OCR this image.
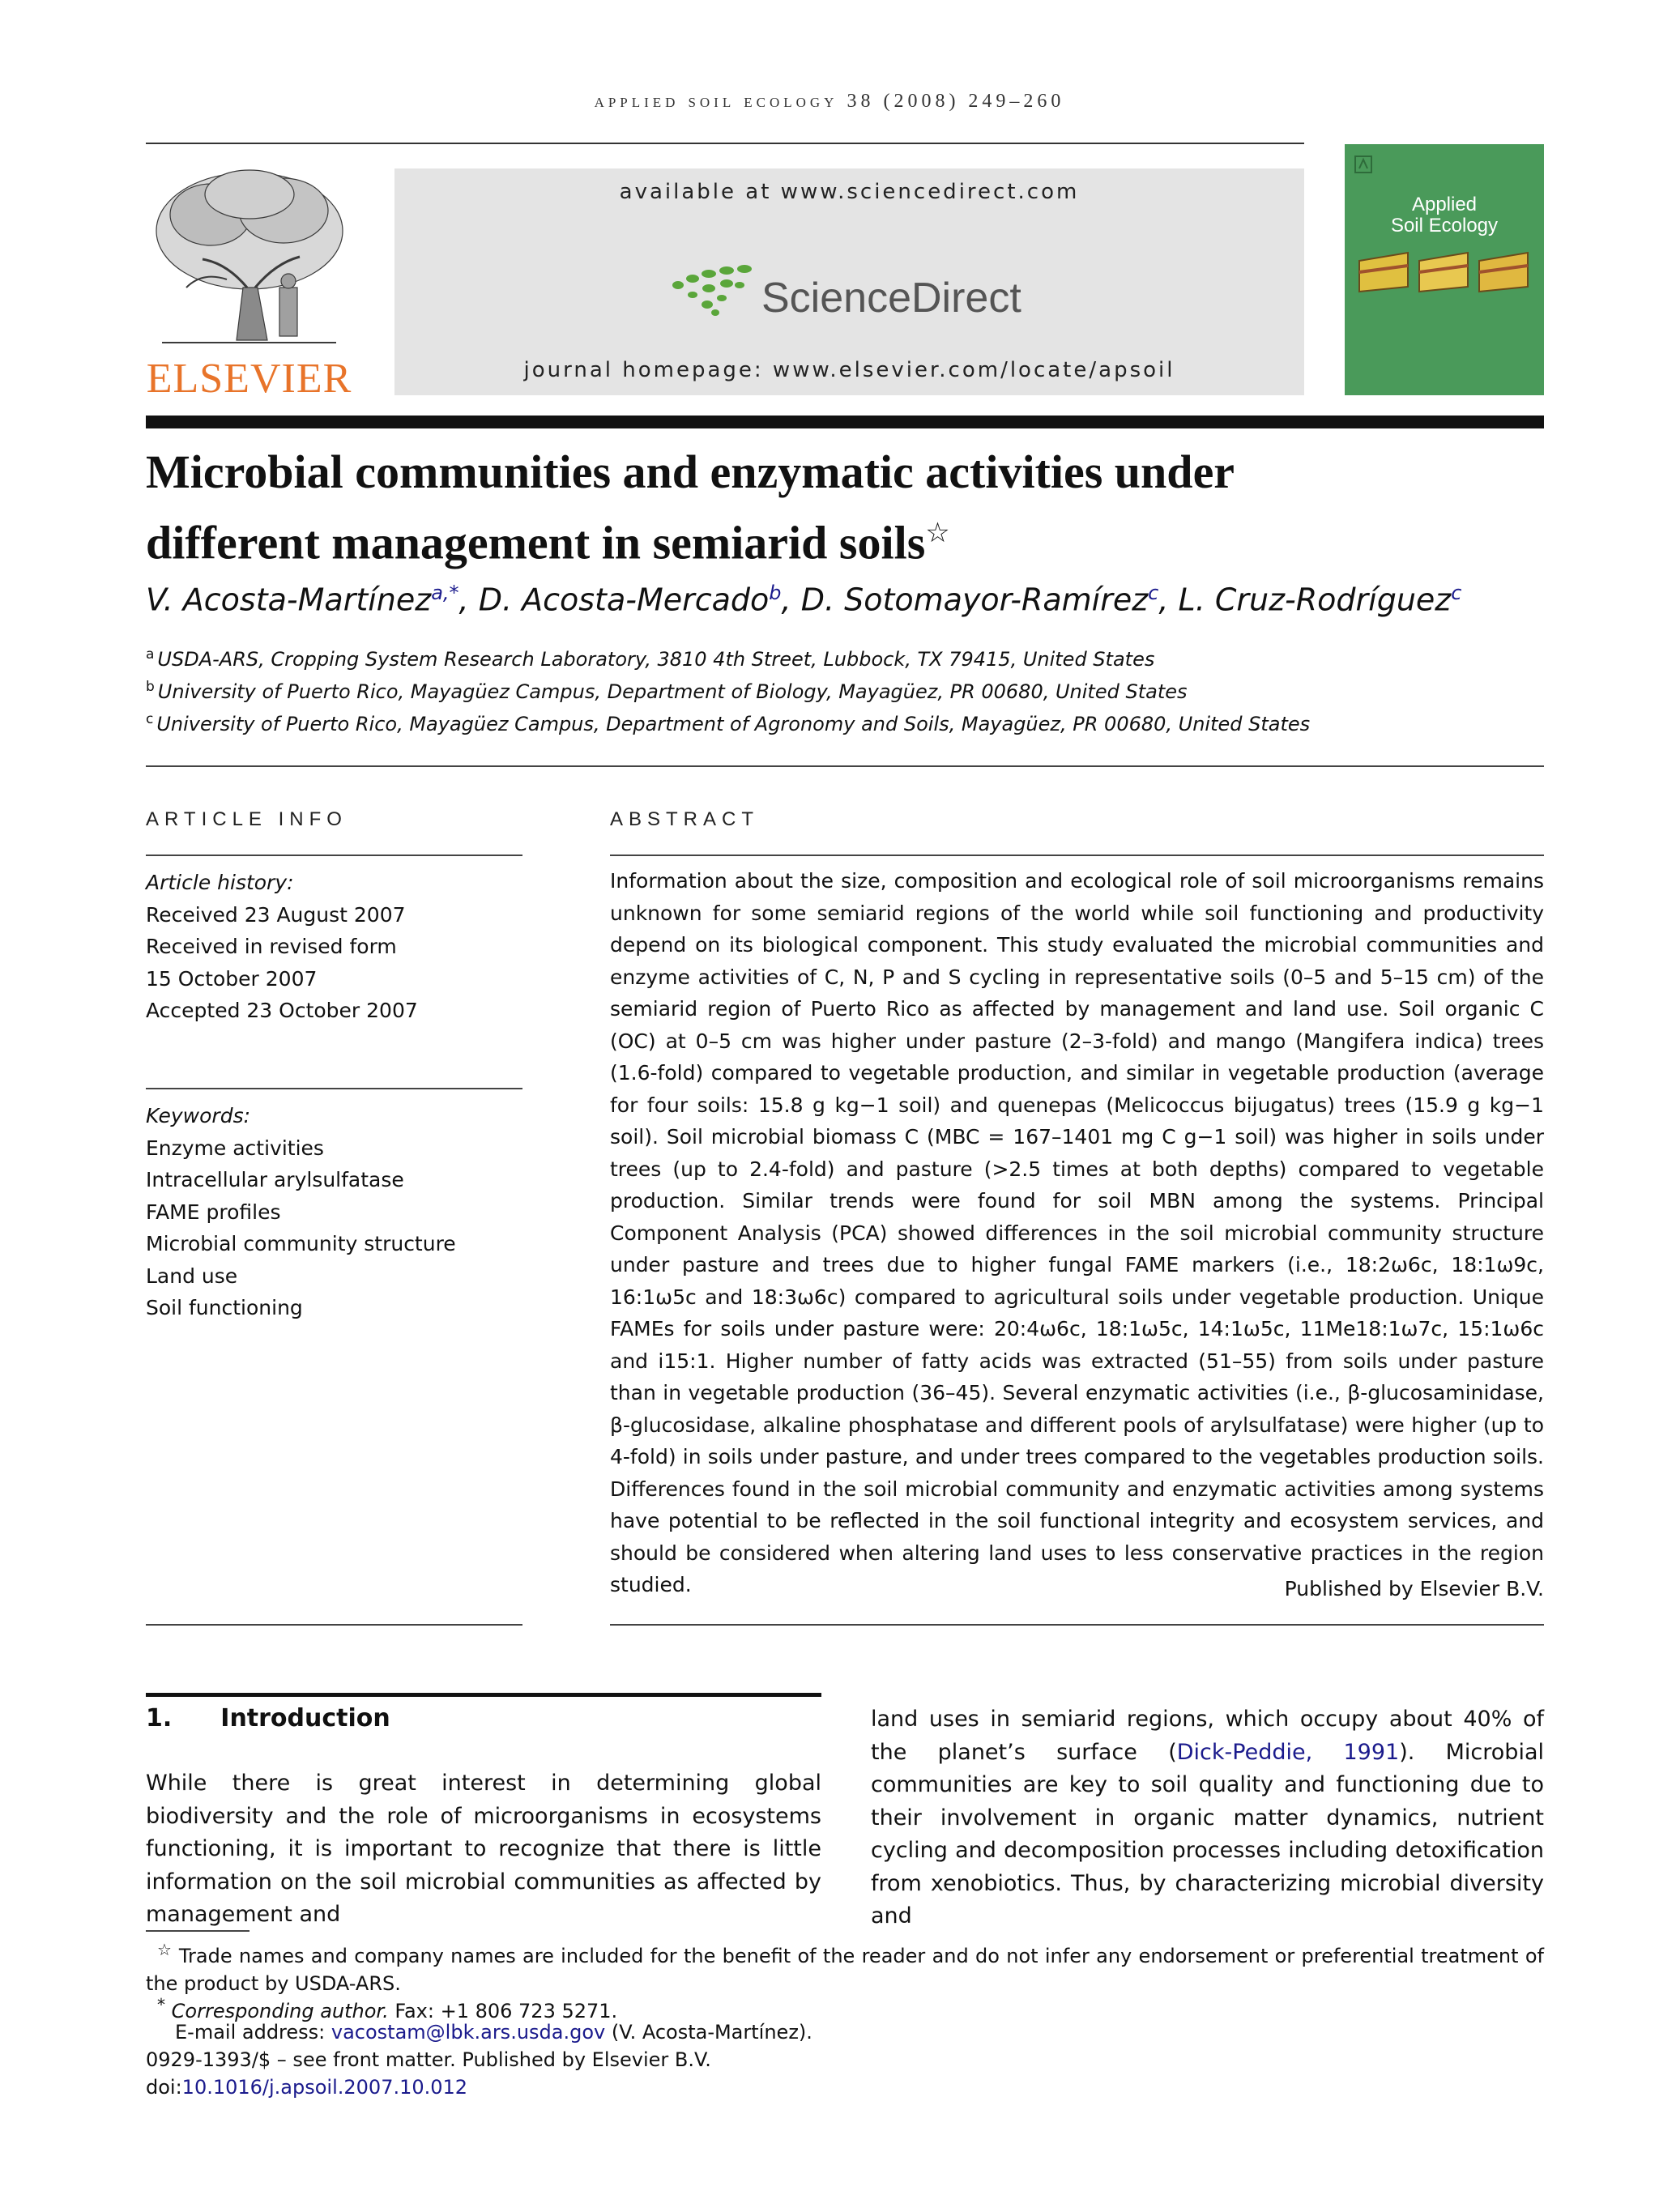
applied soil ecology 38 (2008) 249–260
ELSEVIER
available at www.sciencedirect.com
ScienceDirect
journal homepage: www.elsevier.com/locate/apsoil
Applied
Soil Ecology
Microbial communities and enzymatic activities under
different management in semiarid soils☆
V. Acosta-Martínez$^{a,*}$, D. Acosta-Mercado$^b$, D. Sotomayor-Ramírez$^c$, L. Cruz-Rodríguez$^c$
$^a$ USDA-ARS, Cropping System Research Laboratory, 3810 4th Street, Lubbock, TX 79415, United States
$^b$ University of Puerto Rico, Mayagüez Campus, Department of Biology, Mayagüez, PR 00680, United States
$^c$ University of Puerto Rico, Mayagüez Campus, Department of Agronomy and Soils, Mayagüez, PR 00680, United States
ARTICLE INFO
Article history:
Received 23 August 2007
Received in revised form
15 October 2007
Accepted 23 October 2007
Keywords:
Enzyme activities
Intracellular arylsulfatase
FAME profiles
Microbial community structure
Land use
Soil functioning
ABSTRACT
Information about the size, composition and ecological role of soil microorganisms remains unknown for some semiarid regions of the world while soil functioning and productivity depend on its biological component. This study evaluated the microbial communities and enzyme activities of C, N, P and S cycling in representative soils (0–5 and 5–15 cm) of the semiarid region of Puerto Rico as affected by management and land use. Soil organic C (OC) at 0–5 cm was higher under pasture (2–3-fold) and mango (Mangifera indica) trees (1.6-fold) compared to vegetable production, and similar in vegetable production (average for four soils: 15.8 g kg−1 soil) and quenepas (Melicoccus bijugatus) trees (15.9 g kg−1 soil). Soil microbial biomass C (MBC = 167–1401 mg C g−1 soil) was higher in soils under trees (up to 2.4-fold) and pasture (>2.5 times at both depths) compared to vegetable production. Similar trends were found for soil MBN among the systems. Principal Component Analysis (PCA) showed differences in the soil microbial community structure under pasture and trees due to higher fungal FAME markers (i.e., 18:2ω6c, 18:1ω9c, 16:1ω5c and 18:3ω6c) compared to agricultural soils under vegetable production. Unique FAMEs for soils under pasture were: 20:4ω6c, 18:1ω5c, 14:1ω5c, 11Me18:1ω7c, 15:1ω6c and i15:1. Higher number of fatty acids was extracted (51–55) from soils under pasture than in vegetable production (36–45). Several enzymatic activities (i.e., β-glucosaminidase, β-glucosidase, alkaline phosphatase and different pools of arylsulfatase) were higher (up to 4-fold) in soils under pasture, and under trees compared to the vegetables production soils. Differences found in the soil microbial community and enzymatic activities among systems have potential to be reflected in the soil functional integrity and ecosystem services, and should be considered when altering land uses to less conservative practices in the region studied.	Published by Elsevier B.V.
1. Introduction
While there is great interest in determining global biodiversity and the role of microorganisms in ecosystems functioning, it is important to recognize that there is little information on the soil microbial communities as affected by management and
land uses in semiarid regions, which occupy about 40% of the planet’s surface (Dick-Peddie, 1991). Microbial communities are key to soil quality and functioning due to their involvement in organic matter dynamics, nutrient cycling and decomposition processes including detoxification from xenobiotics. Thus, by characterizing microbial diversity and
☆ Trade names and company names are included for the benefit of the reader and do not infer any endorsement or preferential treatment of the product by USDA-ARS.
* Corresponding author. Fax: +1 806 723 5271.
E-mail address: vacostam@lbk.ars.usda.gov (V. Acosta-Martínez).
0929-1393/$ – see front matter. Published by Elsevier B.V.
doi:10.1016/j.apsoil.2007.10.012
